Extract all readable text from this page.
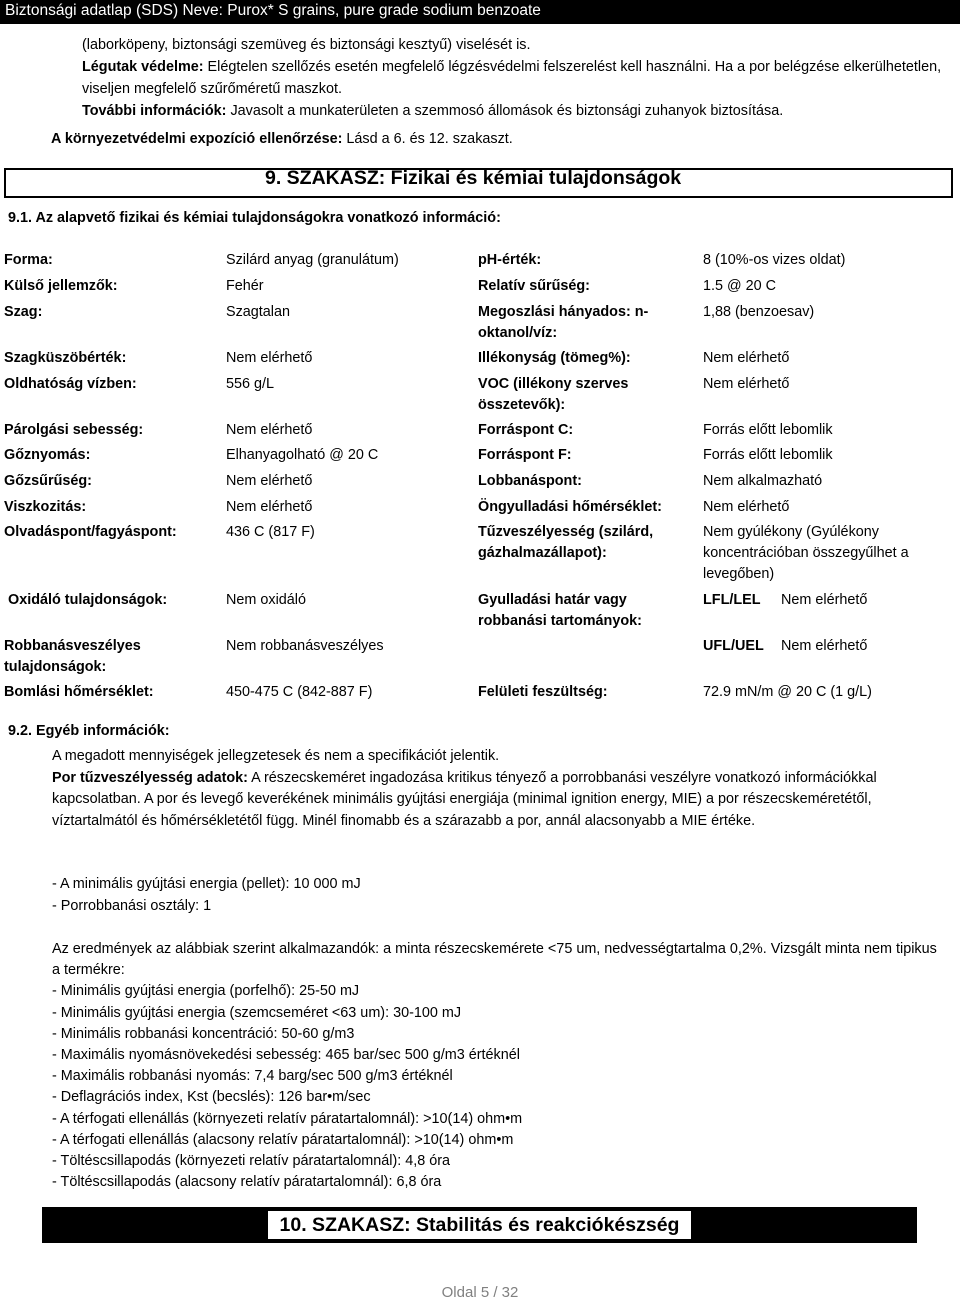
Biztonsági adatlap (SDS) Neve: Purox* S grains, pure grade sodium benzoate

(laborköpeny, biztonsági szemüveg és biztonsági kesztyű) viselését is.

Légutak védelme: Elégtelen szellőzés esetén megfelelő légzésvédelmi felszerelést kell használni. Ha a por belégzése elkerülhetetlen, viseljen megfelelő szűrőméretű maszkot.

További információk: Javasolt a munkaterületen a szemmosó állomások és biztonsági zuhanyok biztosítása.

A környezetvédelmi expozíció ellenőrzése: Lásd a 6. és 12. szakaszt.
9. SZAKASZ: Fizikai és kémiai tulajdonságok
9.1. Az alapvető fizikai és kémiai tulajdonságokra vonatkozó információ:
Forma:	Szilárd anyag (granulátum)	pH-érték:	8 (10%-os vizes oldat)
Külső jellemzők:	Fehér	Relatív sűrűség:	1.5 @ 20 C
Szag:	Szagtalan	Megoszlási hányados: n-oktanol/víz:
1,88 (benzoesav)
Szagküszöbérték:	Nem elérhető	Illékonyság (tömeg%):	Nem elérhető
Oldhatóság vízben:	556 g/L	VOC (illékony szerves összetevők):
Nem elérhető
Párolgási sebesség:	Nem elérhető	Forráspont C:	Forrás előtt lebomlik
Gőznyomás:	Elhanyagolható @ 20 C	Forráspont F:	Forrás előtt lebomlik
Gőzsűrűség:	Nem elérhető	Lobbanáspont:	Nem alkalmazható
Viszkozitás:	Nem elérhető	Öngyulladási hőmérséklet:	Nem elérhető
Olvadáspont/fagyáspont:	436 C (817 F)	Tűzveszélyesség (szilárd, gázhalmazállapot):
Nem gyúlékony (Gyúlékony koncentrációban összegyűlhet a levegőben)
Oxidáló tulajdonságok:	Nem oxidáló	Gyulladási határ vagy robbanási tartományok:
LFL/LEL Nem elérhető
Robbanásveszélyes tulajdonságok:
Nem robbanásveszélyes	UFL/UEL Nem elérhető
Bomlási hőmérséklet:	450-475 C (842-887 F)	Felületi feszültség:	72.9 mN/m @ 20 C (1 g/L)
9.2. Egyéb információk:

A megadott mennyiségek jellegzetesek és nem a specifikációt jelentik.

Por tűzveszélyesség adatok: A részecskeméret ingadozása kritikus tényező a porrobbanási veszélyre vonatkozó információkkal kapcsolatban. A por és levegő keverékének minimális gyújtási energiája (minimal ignition energy, MIE) a por részecskeméretétől, víztartalmától és hőmérsékletétől függ. Minél finomabb és a szárazabb a por, annál alacsonyabb a MIE értéke.

- A minimális gyújtási energia (pellet): 10 000 mJ
- Porrobbanási osztály: 1
Az eredmények az alábbiak szerint alkalmazandók: a minta részecskemérete <75 um, nedvességtartalma 0,2%. Vizsgált minta nem tipikus a termékre:
- Minimális gyújtási energia (porfelhő): 25-50 mJ
- Minimális gyújtási energia (szemcseméret <63 um): 30-100 mJ
- Minimális robbanási koncentráció: 50-60 g/m3
- Maximális nyomásnövekedési sebesség: 465 bar/sec 500 g/m3 értéknél
- Maximális robbanási nyomás: 7,4 barg/sec 500 g/m3 értéknél
- Deflagrációs index, Kst (becslés): 126 bar•m/sec
- A térfogati ellenállás (környezeti relatív páratartalomnál): >10(14) ohm•m
- A térfogati ellenállás (alacsony relatív páratartalomnál): >10(14) ohm•m
- Töltéscsillapodás (környezeti relatív páratartalomnál): 4,8 óra
- Töltéscsillapodás (alacsony relatív páratartalomnál): 6,8 óra
10. SZAKASZ: Stabilitás és reakciókészség
Oldal 5 / 32
